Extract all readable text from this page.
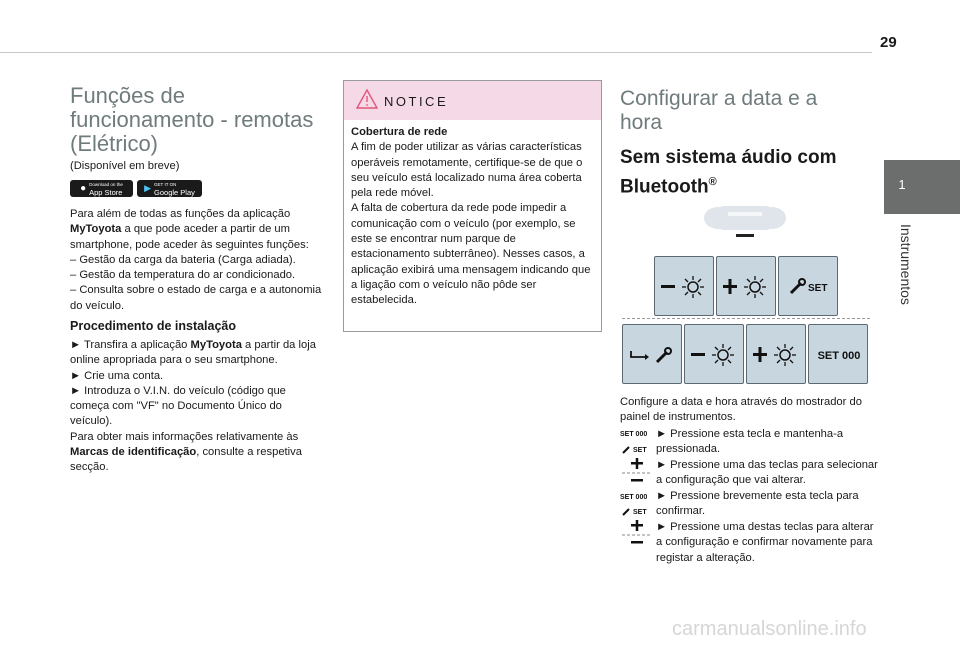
29
1
Instrumentos
Funções de funcionamento - remotas (Elétrico)
(Disponível em breve)
● Download on the
App Store ▶ GET IT ON
Google Play

Para além de todas as funções da aplicação MyToyota a que pode aceder a partir de um smartphone, pode aceder às seguintes funções:

– Gestão da carga da bateria (Carga adiada).

– Gestão da temperatura do ar condicionado.

– Consulta sobre o estado de carga e a autonomia do veículo.

Procedimento de instalação

► Transfira a aplicação MyToyota a partir da loja online apropriada para o seu smartphone.

► Crie uma conta.

► Introduza o V.I.N. do veículo (código que começa com "VF" no Documento Único do veículo).

Para obter mais informações relativamente às Marcas de identificação, consulte a respetiva secção.

NOTICE

Cobertura de rede

A fim de poder utilizar as várias características operáveis remotamente, certifique-se de que o seu veículo está localizado numa área coberta pela rede móvel.

A falta de cobertura da rede pode impedir a comunicação com o veículo (por exemplo, se este se encontrar num parque de estacionamento subterrâneo). Nesses casos, a aplicação exibirá uma mensagem indicando que a ligação com o veículo não pôde ser estabelecida.

Configurar a data e a hora
Sem sistema áudio com Bluetooth®
SET
SET 000
Configure a data e hora através do mostrador do painel de instrumentos.
SET 000
SET
SET 000
SET
► Pressione esta tecla e mantenha-a pressionada.
► Pressione uma das teclas para selecionar a configuração que vai alterar.
► Pressione brevemente esta tecla para confirmar.
► Pressione uma destas teclas para alterar a configuração e confirmar novamente para registar a alteração.
carmanualsonline.info
